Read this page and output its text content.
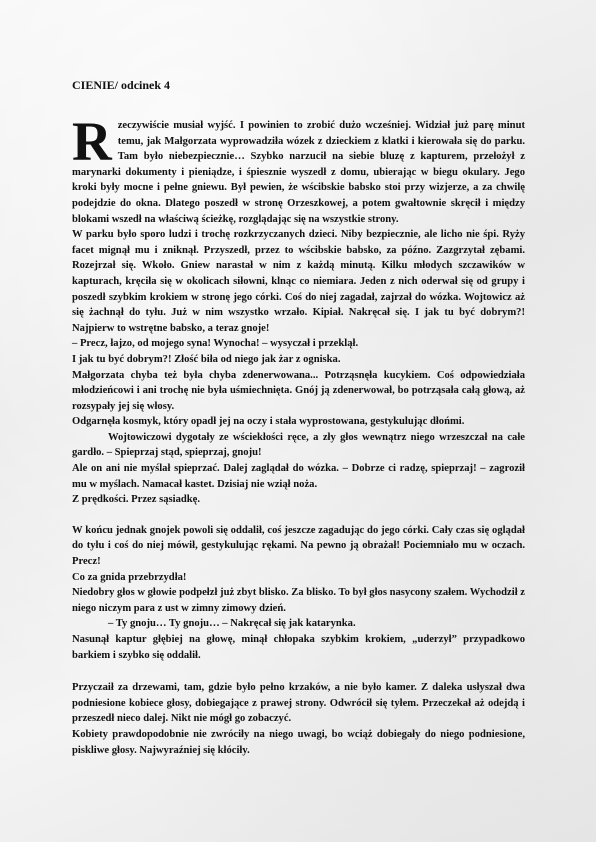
CIENIE/ odcinek 4

Rzeczywiście musiał wyjść. I powinien to zrobić dużo wcześniej. Widział już parę minut temu, jak Małgorzata wyprowadziła wózek z dzieckiem z klatki i kierowała się do parku. Tam było niebezpiecznie… Szybko narzucił na siebie bluzę z kapturem, przełożył z marynarki dokumenty i pieniądze, i śpiesznie wyszedł z domu, ubierając w biegu okulary. Jego kroki były mocne i pełne gniewu. Był pewien, że wścibskie babsko stoi przy wizjerze, a za chwilę podejdzie do okna. Dlatego poszedł w stronę Orzeszkowej, a potem gwałtownie skręcił i między blokami wszedł na właściwą ścieżkę, rozglądając się na wszystkie strony.

W parku było sporo ludzi i trochę rozkrzyczanych dzieci. Niby bezpiecznie, ale licho nie śpi. Ryży facet mignął mu i zniknął. Przyszedł, przez to wścibskie babsko, za późno. Zazgrzytał zębami. Rozejrzał się. Wkoło. Gniew narastał w nim z każdą minutą. Kilku młodych szczawików w kapturach, kręciła się w okolicach siłowni, klnąc co niemiara. Jeden z nich oderwał się od grupy i poszedł szybkim krokiem w stronę jego córki. Coś do niej zagadał, zajrzał do wózka. Wojtowicz aż się żachnął do tyłu. Już w nim wszystko wrzało. Kipiał. Nakręcał się. I jak tu być dobrym?! Najpierw to wstrętne babsko, a teraz gnoje!

– Precz, łajzo, od mojego syna! Wynocha! – wysyczał i przeklął.

I jak tu być dobrym?! Złość biła od niego jak żar z ogniska.

Małgorzata chyba też była chyba zdenerwowana... Potrząsnęła kucykiem. Coś odpowiedziała młodzieńcowi i ani trochę nie była uśmiechnięta. Gnój ją zdenerwował, bo potrząsała całą głową, aż rozsypały jej się włosy.

Odgarnęła kosmyk, który opadł jej na oczy i stała wyprostowana, gestykulując dłońmi.

Wojtowiczowi dygotały ze wściekłości ręce, a zły głos wewnątrz niego wrzeszczał na całe gardło. – Spieprzaj stąd, spieprzaj, gnoju!

Ale on ani nie myślał spieprzać. Dalej zaglądał do wózka. – Dobrze ci radzę, spieprzaj! – zagroził mu w myślach. Namacał kastet. Dzisiaj nie wziął noża.

Z prędkości. Przez sąsiadkę.

W końcu jednak gnojek powoli się oddalił, coś jeszcze zagadując do jego córki. Cały czas się oglądał do tyłu i coś do niej mówił, gestykulując rękami. Na pewno ją obrażał! Pociemniało mu w oczach. Precz!

Co za gnida przebrzydła!

Niedobry głos w głowie podpełzł już zbyt blisko. Za blisko. To był głos nasycony szałem. Wychodził z niego niczym para z ust w zimny zimowy dzień.

– Ty gnoju… Ty gnoju… – Nakręcał się jak katarynka.

Nasunął kaptur głębiej na głowę, minął chłopaka szybkim krokiem, „uderzył” przypadkowo barkiem i szybko się oddalił.

Przyczaił za drzewami, tam, gdzie było pełno krzaków, a nie było kamer. Z daleka usłyszał dwa podniesione kobiece głosy, dobiegające z prawej strony. Odwrócił się tyłem. Przeczekał aż odejdą i przeszedł nieco dalej. Nikt nie mógł go zobaczyć.

Kobiety prawdopodobnie nie zwróciły na niego uwagi, bo wciąż dobiegały do niego podniesione, piskliwe głosy. Najwyraźniej się kłóciły.
